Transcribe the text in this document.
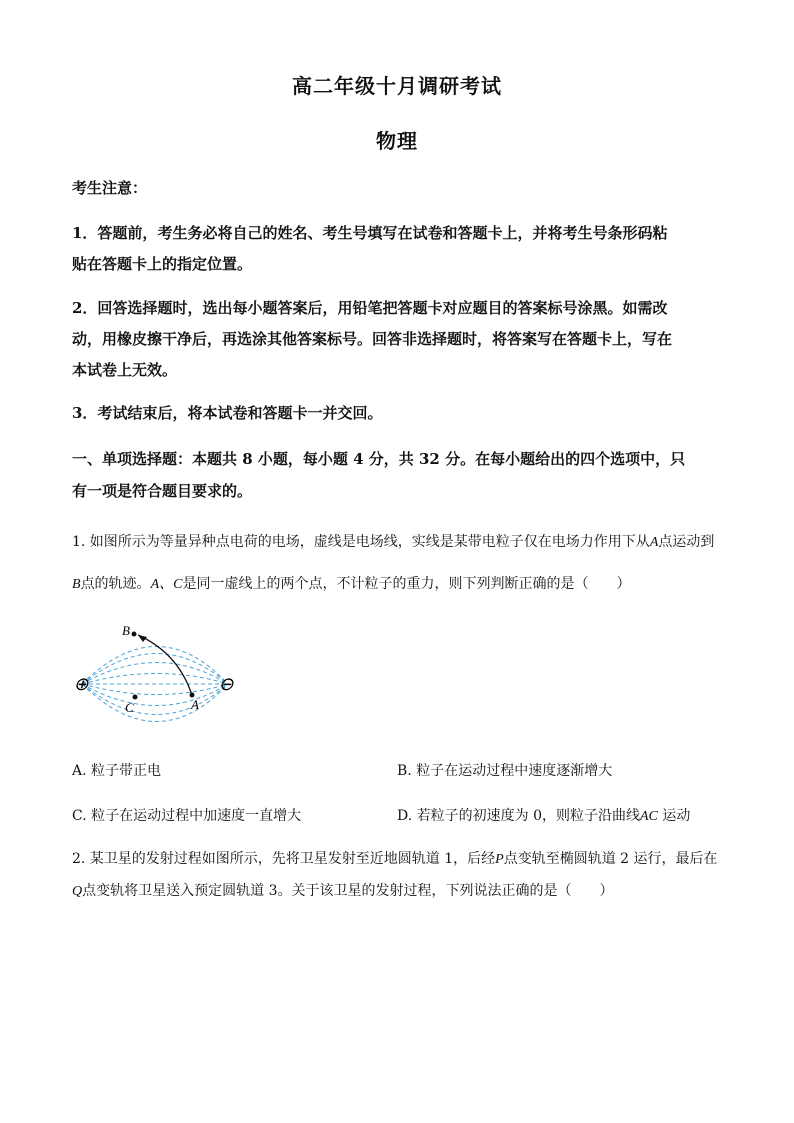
高二年级十月调研考试
物理
考生注意：
1．答题前，考生务必将自己的姓名、考生号填写在试卷和答题卡上，并将考生号条形码粘
贴在答题卡上的指定位置。
2．回答选择题时，选出每小题答案后，用铅笔把答题卡对应题目的答案标号涂黑。如需改
动，用橡皮擦干净后，再选涂其他答案标号。回答非选择题时，将答案写在答题卡上，写在
本试卷上无效。
3．考试结束后，将本试卷和答题卡一并交回。
一、单项选择题：本题共 8 小题，每小题 4 分，共 32 分。在每小题给出的四个选项中，只
有一项是符合题目要求的。
1. 如图所示为等量异种点电荷的电场，虚线是电场线，实线是某带电粒子仅在电场力作用下从A点运动到
B点的轨迹。A、C是同一虚线上的两个点，不计粒子的重力，则下列判断正确的是（　　）
⊕	⊖
B
A
C
A. 粒子带正电	B. 粒子在运动过程中速度逐渐增大
C. 粒子在运动过程中加速度一直增大	D. 若粒子的初速度为 0，则粒子沿曲线AC 运动
2. 某卫星的发射过程如图所示，先将卫星发射至近地圆轨道 1，后经P点变轨至椭圆轨道 2 运行，最后在
Q点变轨将卫星送入预定圆轨道 3。关于该卫星的发射过程，下列说法正确的是（　　）
